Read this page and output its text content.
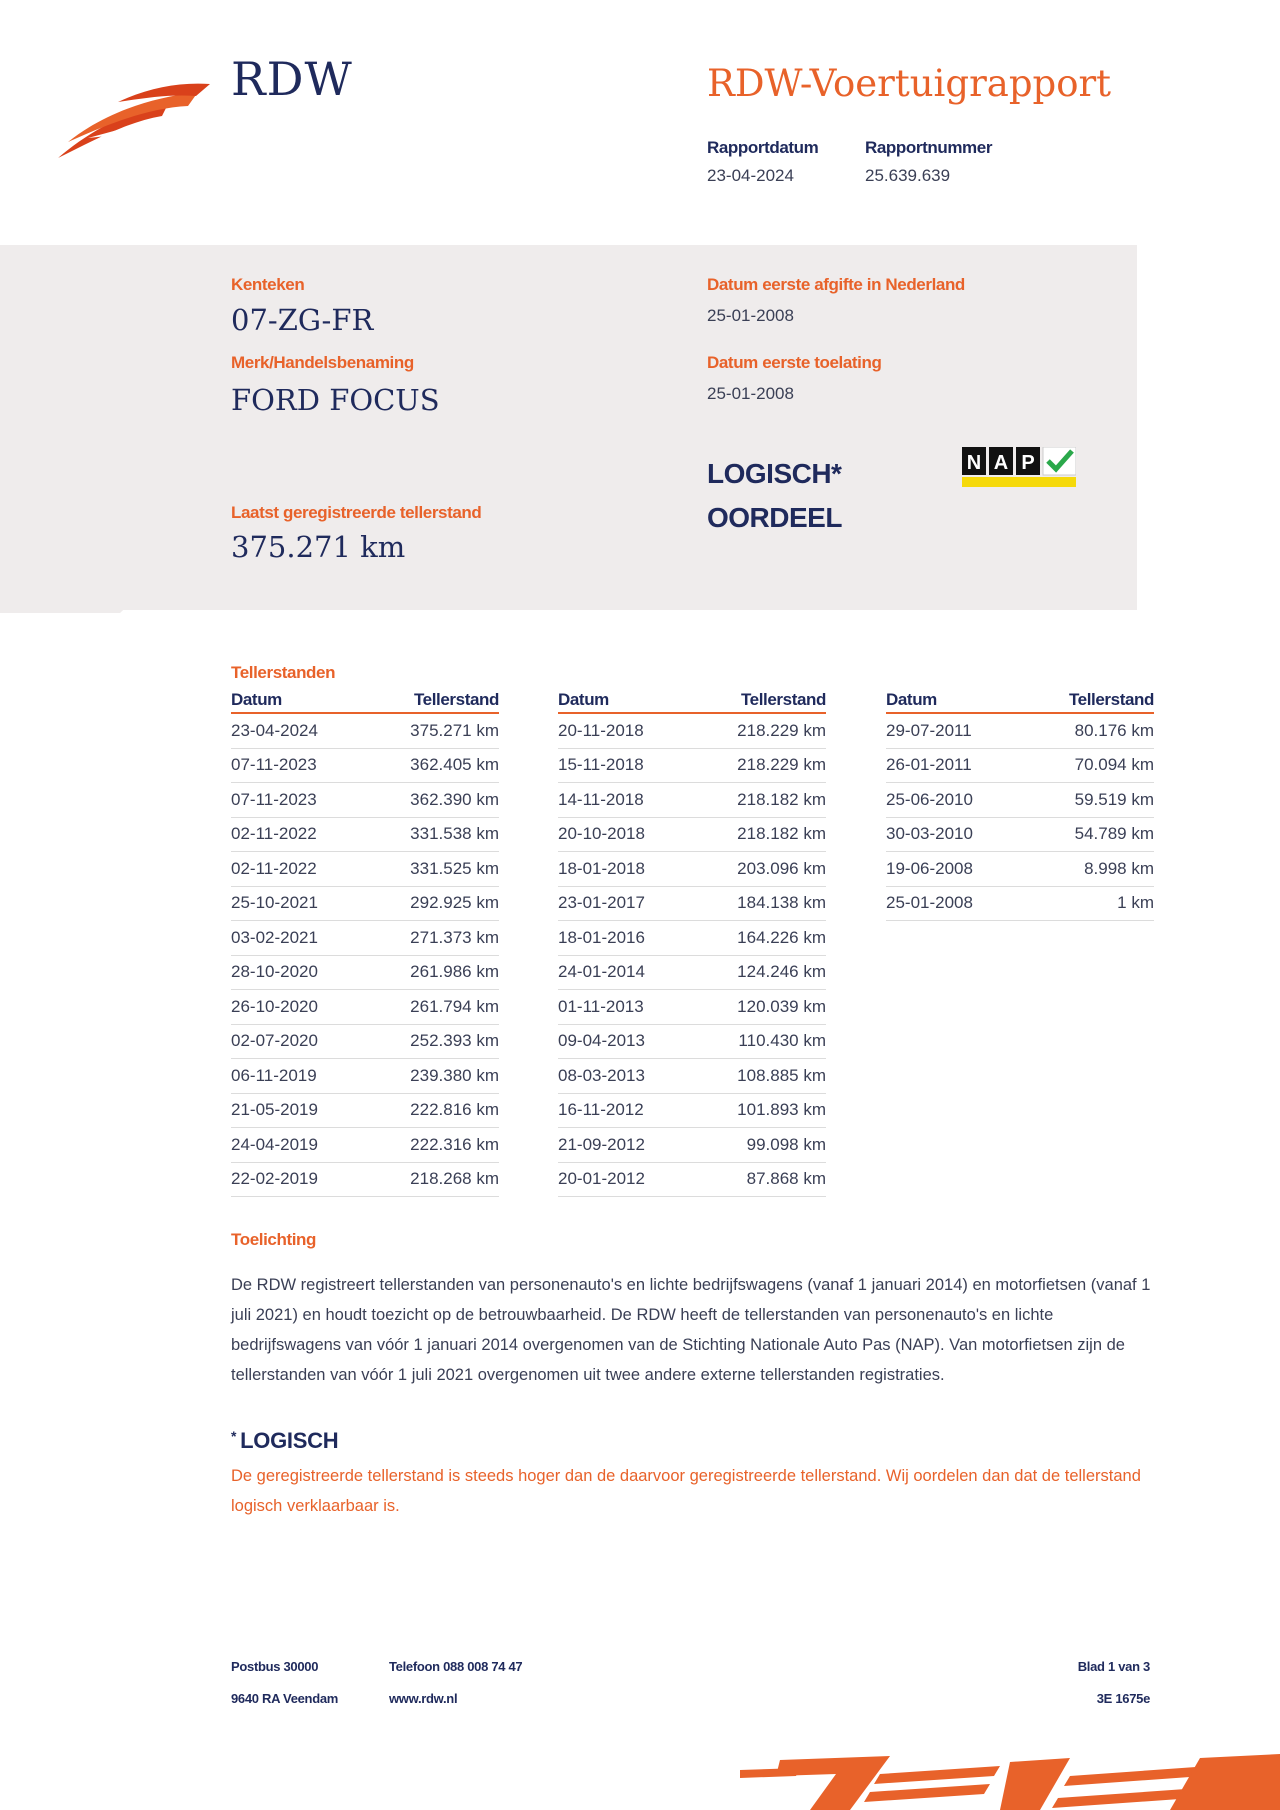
RDW	RDW-Voertuigrapport
Rapportdatum
23-04-2024
Rapportnummer
25.639.639
Kenteken
07-ZG-FR
Merk/Handelsbenaming
FORD FOCUS
Laatst geregistreerde tellerstand
375.271 km
Datum eerste afgifte in Nederland
25-01-2008
Datum eerste toelating
25-01-2008
LOGISCH*
OORDEEL
N A P
Tellerstanden
Datum	Tellerstand
23-04-2024	375.271 km
07-11-2023	362.405 km
07-11-2023	362.390 km
02-11-2022	331.538 km
02-11-2022	331.525 km
25-10-2021	292.925 km
03-02-2021	271.373 km
28-10-2020	261.986 km
26-10-2020	261.794 km
02-07-2020	252.393 km
06-11-2019	239.380 km
21-05-2019	222.816 km
24-04-2019	222.316 km
22-02-2019	218.268 km
Datum	Tellerstand
20-11-2018	218.229 km
15-11-2018	218.229 km
14-11-2018	218.182 km
20-10-2018	218.182 km
18-01-2018	203.096 km
23-01-2017	184.138 km
18-01-2016	164.226 km
24-01-2014	124.246 km
01-11-2013	120.039 km
09-04-2013	110.430 km
08-03-2013	108.885 km
16-11-2012	101.893 km
21-09-2012	99.098 km
20-01-2012	87.868 km
Datum	Tellerstand
29-07-2011	80.176 km
26-01-2011	70.094 km
25-06-2010	59.519 km
30-03-2010	54.789 km
19-06-2008	8.998 km
25-01-2008	1 km
Toelichting
De RDW registreert tellerstanden van personenauto's en lichte bedrijfswagens (vanaf 1 januari 2014) en motorfietsen (vanaf 1 juli 2021) en houdt toezicht op de betrouwbaarheid. De RDW heeft de tellerstanden van personenauto's en lichte bedrijfswagens van vóór 1 januari 2014 overgenomen van de Stichting Nationale Auto Pas (NAP). Van motorfietsen zijn de tellerstanden van vóór 1 juli 2021 overgenomen uit twee andere externe tellerstanden registraties.
* LOGISCH
De geregistreerde tellerstand is steeds hoger dan de daarvoor geregistreerde tellerstand. Wij oordelen dan dat de tellerstand logisch verklaarbaar is.
Postbus 30000
9640 RA Veendam
Telefoon 088 008 74 47
www.rdw.nl
Blad 1 van 3
3E 1675e
